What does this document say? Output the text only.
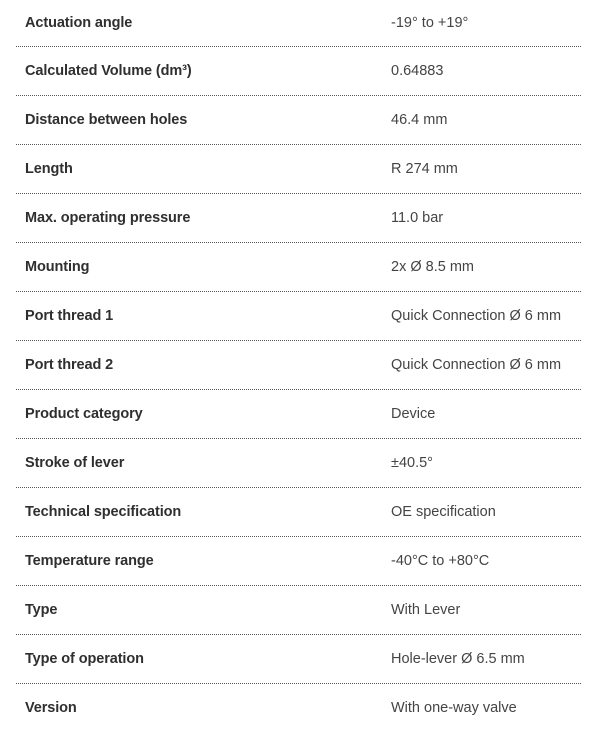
Actuation angle	-19° to +19°
Calculated Volume (dm³)	0.64883
Distance between holes	46.4 mm
Length	R 274 mm
Max. operating pressure	11.0 bar
Mounting	2x Ø 8.5 mm
Port thread 1	Quick Connection Ø 6 mm
Port thread 2	Quick Connection Ø 6 mm
Product category	Device
Stroke of lever	±40.5°
Technical specification	OE specification
Temperature range	-40°C to +80°C
Type	With Lever
Type of operation	Hole-lever Ø 6.5 mm
Version	With one-way valve
